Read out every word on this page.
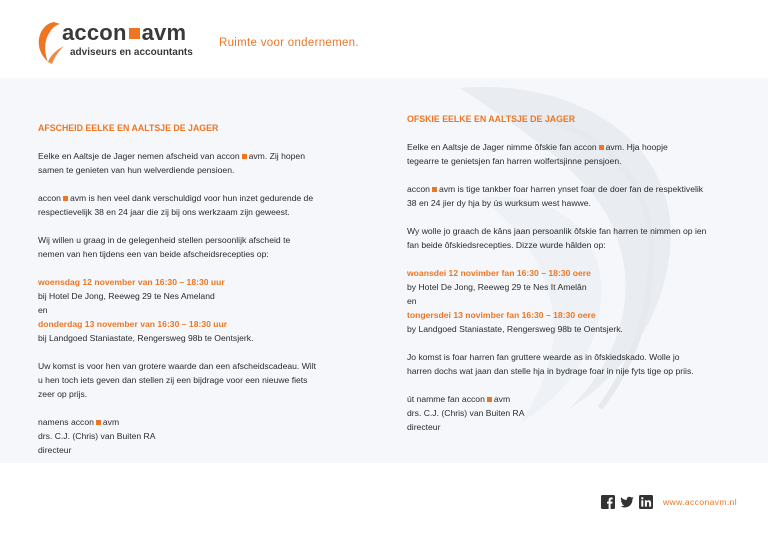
accon avm
adviseurs en accountants
Ruimte voor ondernemen.
AFSCHEID EELKE EN AALTSJE DE JAGER

Eelke en Aaltsje de Jager nemen afscheid van accon avm. Zij hopen
samen te genieten van hun welverdiende pensioen.

accon avm is hen veel dank verschuldigd voor hun inzet gedurende de
respectievelijk 38 en 24 jaar die zij bij ons werkzaam zijn geweest.

Wij willen u graag in de gelegenheid stellen persoonlijk afscheid te
nemen van hen tijdens een van beide afscheidsrecepties op:

woensdag 12 november van 16:30 – 18:30 uur
bij Hotel De Jong, Reeweg 29 te Nes Ameland
en
donderdag 13 november van 16:30 – 18:30 uur
bij Landgoed Staniastate, Rengersweg 98b te Oentsjerk.

Uw komst is voor hen van grotere waarde dan een afscheidscadeau. Wilt
u hen toch iets geven dan stellen zij een bijdrage voor een nieuwe fiets
zeer op prijs.

namens accon avm
drs. C.J. (Chris) van Buiten RA
directeur

OFSKIE EELKE EN AALTSJE DE JAGER

Eelke en Aaltsje de Jager nimme ôfskie fan accon avm. Hja hoopje
tegearre te genietsjen fan harren wolfertsjinne pensjoen.

accon avm is tige tankber foar harren ynset foar de doer fan de respektivelik
38 en 24 jier dy hja by ús wurksum west hawwe.

Wy wolle jo graach de kâns jaan persoanlik ôfskie fan harren te nimmen op ien
fan beide ôfskiedsrecepties. Dizze wurde hâlden op:

woansdei 12 novimber fan 16:30 – 18:30 oere
by Hotel De Jong, Reeweg 29 te Nes It Amelân
en
tongersdei 13 novimber fan 16:30 – 18:30 oere
by Landgoed Staniastate, Rengersweg 98b te Oentsjerk.

Jo komst is foar harren fan gruttere wearde as in ôfskiedskado. Wolle jo
harren dochs wat jaan dan stelle hja in bydrage foar in nije fyts tige op priis.

út namme fan accon avm
drs. C.J. (Chris) van Buiten RA
directeur

www.acconavm.nl
